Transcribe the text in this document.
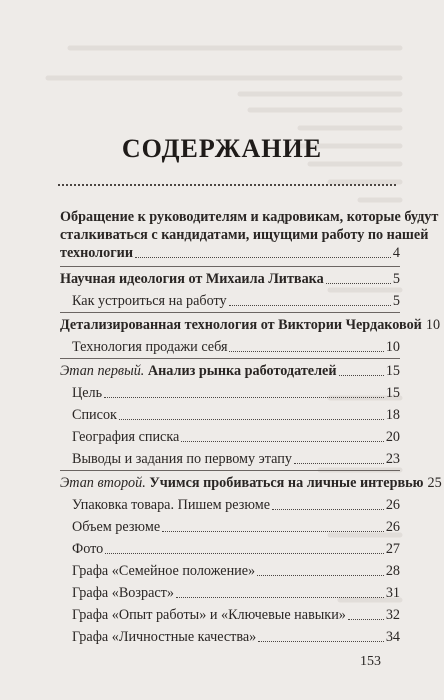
СОДЕРЖАНИЕ
Обращение к руководителям и кадровикам, которые будут
сталкиваться с кандидатами, ищущими работу по нашей
технологии	4
Научная идеология от Михаила Литвака	5
Как устроиться на работу	5
Детализированная технология от Виктории Чердаковой 10
Технология продажи себя	10
Этап первый. Анализ рынка работодателей	15
Цель	15
Список	18
География списка	20
Выводы и задания по первому этапу	23
Этап второй. Учимся пробиваться на личные интервью 25
Упаковка товара. Пишем резюме	26
Объем резюме	26
Фото	27
Графа «Семейное положение»	28
Графа «Возраст»	31
Графа «Опыт работы» и «Ключевые навыки»	32
Графа «Личностные качества»	34
153
